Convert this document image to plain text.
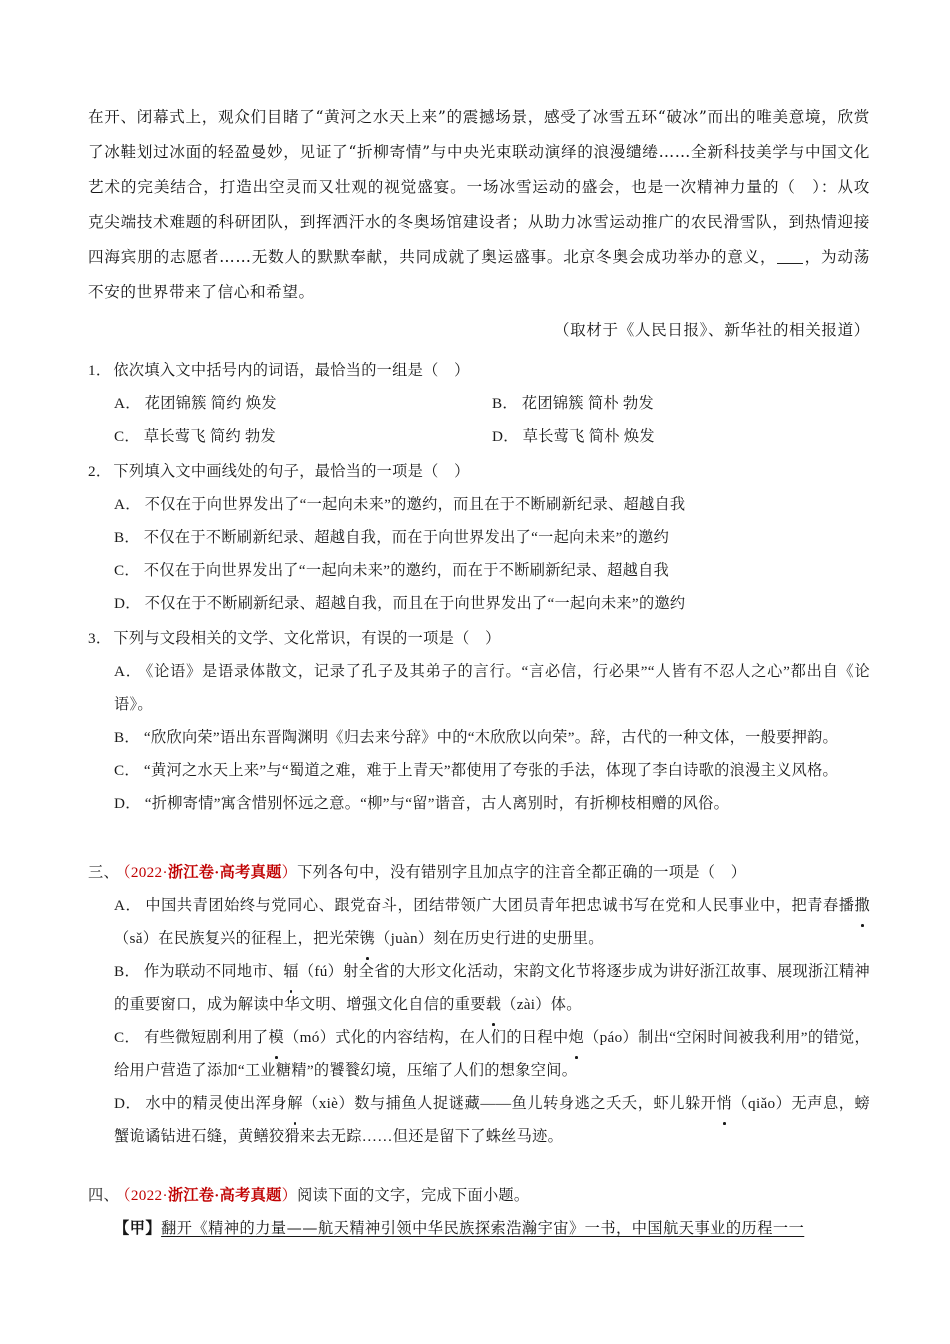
在开、闭幕式上，观众们目睹了“黄河之水天上来”的震撼场景，感受了冰雪五环“破冰”而出的唯美意境，欣赏了冰鞋划过冰面的轻盈曼妙，见证了“折柳寄情”与中央光束联动演绎的浪漫缱绻……全新科技美学与中国文化艺术的完美结合，打造出空灵而又壮观的视觉盛宴。一场冰雪运动的盛会，也是一次精神力量的（　）：从攻克尖端技术难题的科研团队，到挥洒汗水的冬奥场馆建设者；从助力冰雪运动推广的农民滑雪队，到热情迎接四海宾朋的志愿者……无数人的默默奉献，共同成就了奥运盛事。北京冬奥会成功举办的意义， ，为动荡不安的世界带来了信心和希望。

（取材于《人民日报》、新华社的相关报道）

1． 依次填入文中括号内的词语，最恰当的一组是（　）

A． 花团锦簇 简约 焕发	B． 花团锦簇 简朴 勃发
C． 草长莺飞 简约 勃发	D． 草长莺飞 简朴 焕发

2． 下列填入文中画线处的句子，最恰当的一项是（　）

A． 不仅在于向世界发出了“一起向未来”的邀约，而且在于不断刷新纪录、超越自我

B． 不仅在于不断刷新纪录、超越自我，而在于向世界发出了“一起向未来”的邀约

C． 不仅在于向世界发出了“一起向未来”的邀约，而在于不断刷新纪录、超越自我

D． 不仅在于不断刷新纪录、超越自我，而且在于向世界发出了“一起向未来”的邀约

3． 下列与文段相关的文学、文化常识，有误的一项是（　）

A． 《论语》是语录体散文，记录了孔子及其弟子的言行。“言必信，行必果”“人皆有不忍人之心”都出自《论语》。

B． “欣欣向荣”语出东晋陶渊明《归去来兮辞》中的“木欣欣以向荣”。辞，古代的一种文体，一般要押韵。

C． “黄河之水天上来”与“蜀道之难，难于上青天”都使用了夸张的手法，体现了李白诗歌的浪漫主义风格。

D． “折柳寄情”寓含惜别怀远之意。“柳”与“留”谐音，古人离别时，有折柳枝相赠的风俗。

三、 （2022·浙江卷·高考真题）下列各句中，没有错别字且加点字的注音全都正确的一项是（　）

A． 中国共青团始终与党同心、跟党奋斗，团结带领广大团员青年把忠诚书写在党和人民事业中，把青春播撒（sǎ）在民族复兴的征程上，把光荣镌（juàn）刻在历史行进的史册里。

B． 作为联动不同地市、辐（fú）射全省的大形文化活动，宋韵文化节将逐步成为讲好浙江故事、展现浙江精神的重要窗口，成为解读中华文明、增强文化自信的重要载（zài）体。

C． 有些微短剧利用了模（mó）式化的内容结构，在人们的日程中炮（páo）制出“空闲时间被我利用”的错觉，给用户营造了添加“工业糖精”的饕餮幻境，压缩了人们的想象空间。

D． 水中的精灵使出浑身解（xiè）数与捕鱼人捉谜藏——鱼儿转身逃之夭夭，虾儿躲开悄（qiǎo）无声息，螃蟹诡谲钻进石缝，黄鳝狡猾来去无踪……但还是留下了蛛丝马迹。

四、 （2022·浙江卷·高考真题）阅读下面的文字，完成下面小题。

【甲】翻开《精神的力量——航天精神引领中华民族探索浩瀚宇宙》一书，中国航天事业的历程一一
